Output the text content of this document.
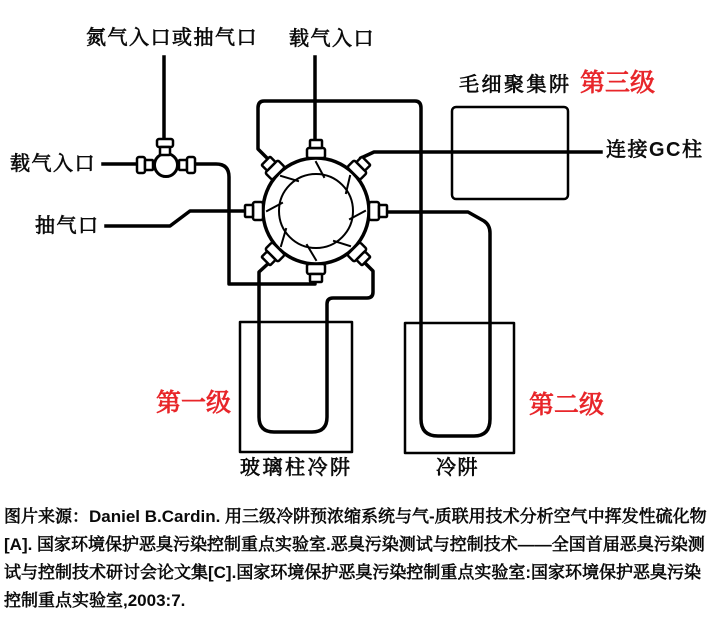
氮气入口或抽气口 载气入口
载气入口
抽气口
毛细聚集阱
连接GC柱
玻璃柱冷阱	冷阱
第三级
第一级	第二级
图片来源：Daniel B.Cardin. 用三级冷阱预浓缩系统与气-质联用技术分析空气中挥发性硫化物
[A]. 国家环境保护恶臭污染控制重点实验室.恶臭污染测试与控制技术——全国首届恶臭污染测
试与控制技术研讨会论文集[C].国家环境保护恶臭污染控制重点实验室:国家环境保护恶臭污染
控制重点实验室,2003:7.
